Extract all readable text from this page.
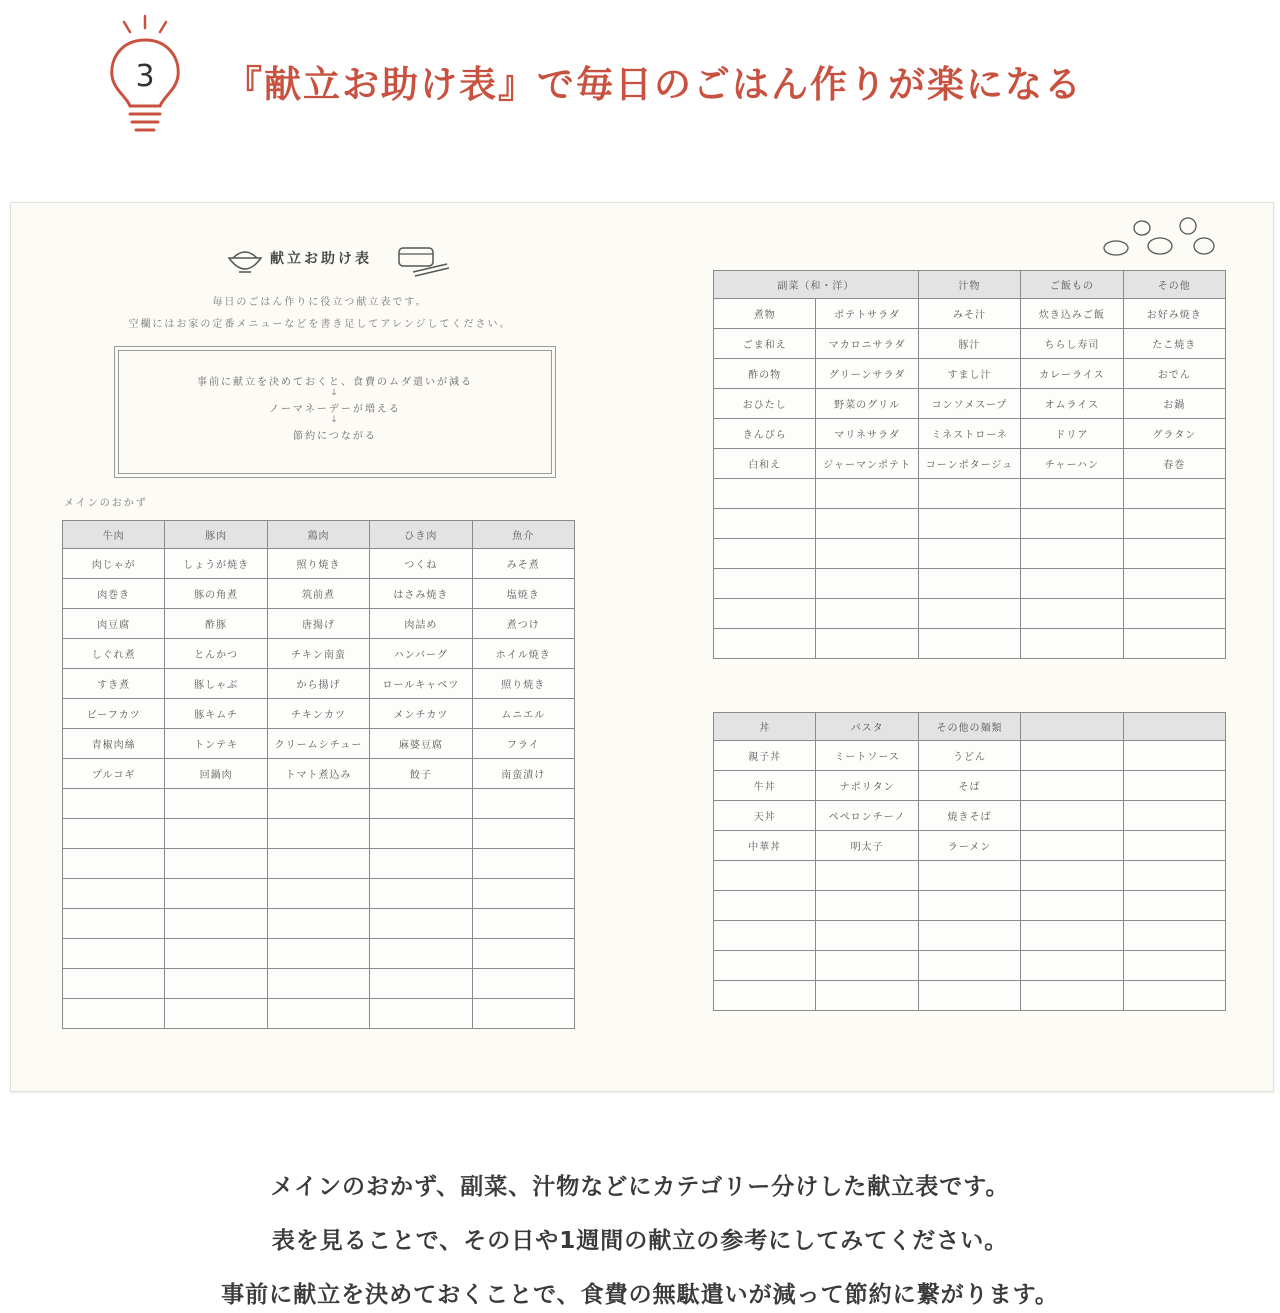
3 『献立お助け表』で毎日のごはん作りが楽になる
献立お助け表
毎日のごはん作りに役立つ献立表です。
空欄にはお家の定番メニューなどを書き足してアレンジしてください。
事前に献立を決めておくと、食費のムダ遣いが減る
↓
ノーマネーデーが増える
↓
節約につながる
メインのおかず
牛肉	豚肉	鶏肉	ひき肉	魚介
肉じゃが	しょうが焼き	照り焼き	つくね	みそ煮
肉巻き	豚の角煮	筑前煮	はさみ焼き	塩焼き
肉豆腐	酢豚	唐揚げ	肉詰め	煮つけ
しぐれ煮	とんかつ	チキン南蛮	ハンバーグ	ホイル焼き
すき煮	豚しゃぶ	から揚げ	ロールキャベツ	照り焼き
ビーフカツ	豚キムチ	チキンカツ	メンチカツ	ムニエル
青椒肉絲	トンテキ	クリームシチュー	麻婆豆腐	フライ
プルコギ	回鍋肉	トマト煮込み	餃子	南蛮漬け

副菜（和・洋）		汁物	ご飯もの	その他
煮物	ポテトサラダ	みそ汁	炊き込みご飯	お好み焼き
ごま和え	マカロニサラダ	豚汁	ちらし寿司	たこ焼き
酢の物	グリーンサラダ	すまし汁	カレーライス	おでん
おひたし	野菜のグリル	コンソメスープ	オムライス	お鍋
きんぴら	マリネサラダ	ミネストローネ	ドリア	グラタン
白和え	ジャーマンポテト	コーンポタージュ	チャーハン	春巻

丼	パスタ	その他の麺類		
親子丼	ミートソース	うどん		
牛丼	ナポリタン	そば		
天丼	ペペロンチーノ	焼きそば		
中華丼	明太子	ラーメン		

メインのおかず、副菜、汁物などにカテゴリー分けした献立表です。
表を見ることで、その日や1週間の献立の参考にしてみてください。
事前に献立を決めておくことで、食費の無駄遣いが減って節約に繋がります。
